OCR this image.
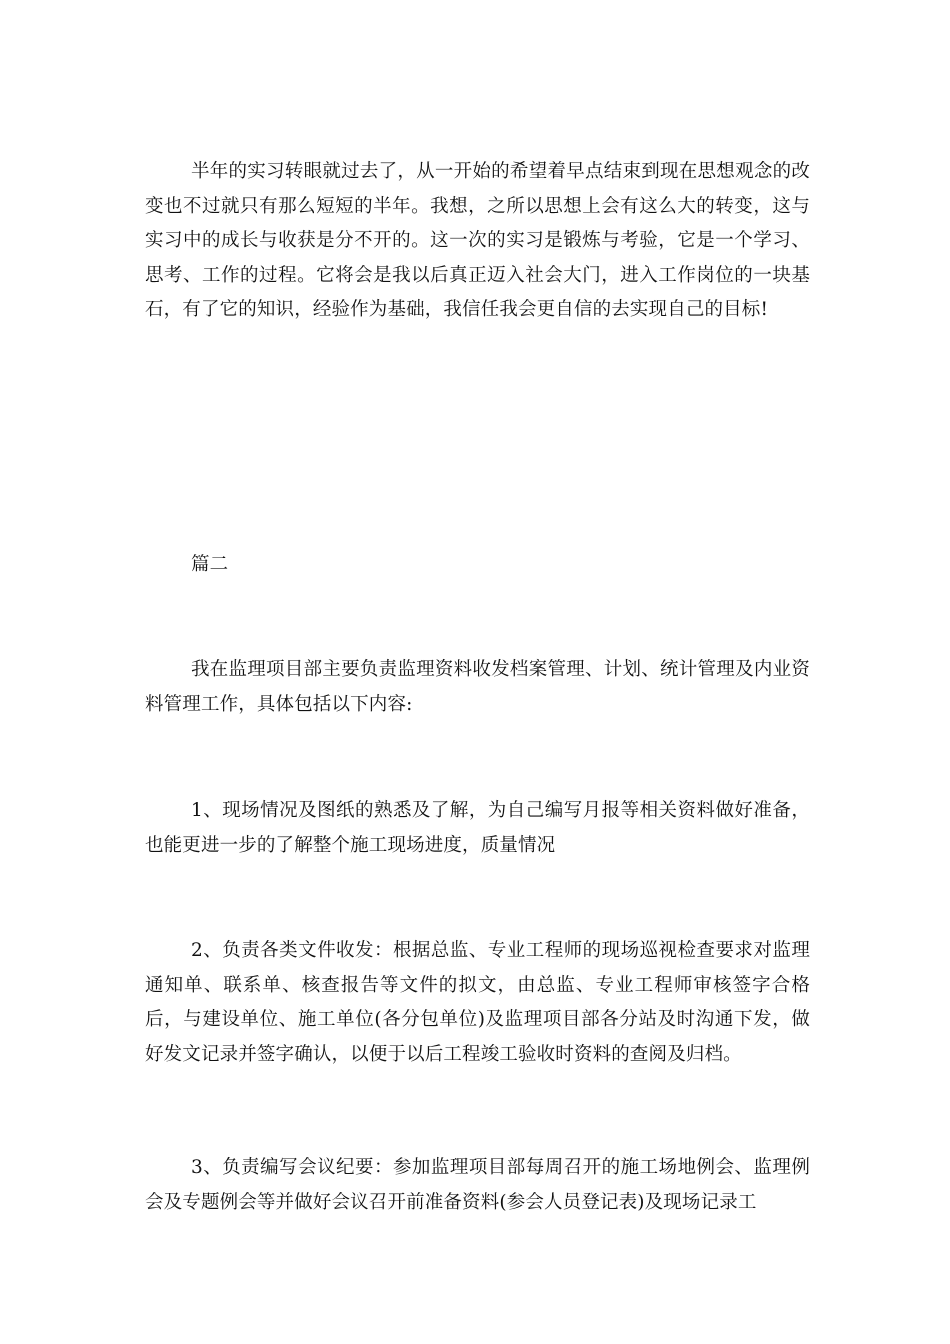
半年的实习转眼就过去了，从一开始的希望着早点结束到现在思想观念的改变也不过就只有那么短短的半年。我想，之所以思想上会有这么大的转变，这与实习中的成长与收获是分不开的。这一次的实习是锻炼与考验，它是一个学习、思考、工作的过程。它将会是我以后真正迈入社会大门，进入工作岗位的一块基石，有了它的知识，经验作为基础，我信任我会更自信的去实现自己的目标!

篇二

我在监理项目部主要负责监理资料收发档案管理、计划、统计管理及内业资料管理工作，具体包括以下内容:

1、现场情况及图纸的熟悉及了解，为自己编写月报等相关资料做好准备，也能更进一步的了解整个施工现场进度，质量情况

2、负责各类文件收发：根据总监、专业工程师的现场巡视检查要求对监理通知单、联系单、核查报告等文件的拟文，由总监、专业工程师审核签字合格后，与建设单位、施工单位(各分包单位)及监理项目部各分站及时沟通下发，做好发文记录并签字确认，以便于以后工程竣工验收时资料的查阅及归档。

3、负责编写会议纪要：参加监理项目部每周召开的施工场地例会、监理例会及专题例会等并做好会议召开前准备资料(参会人员登记表)及现场记录工
